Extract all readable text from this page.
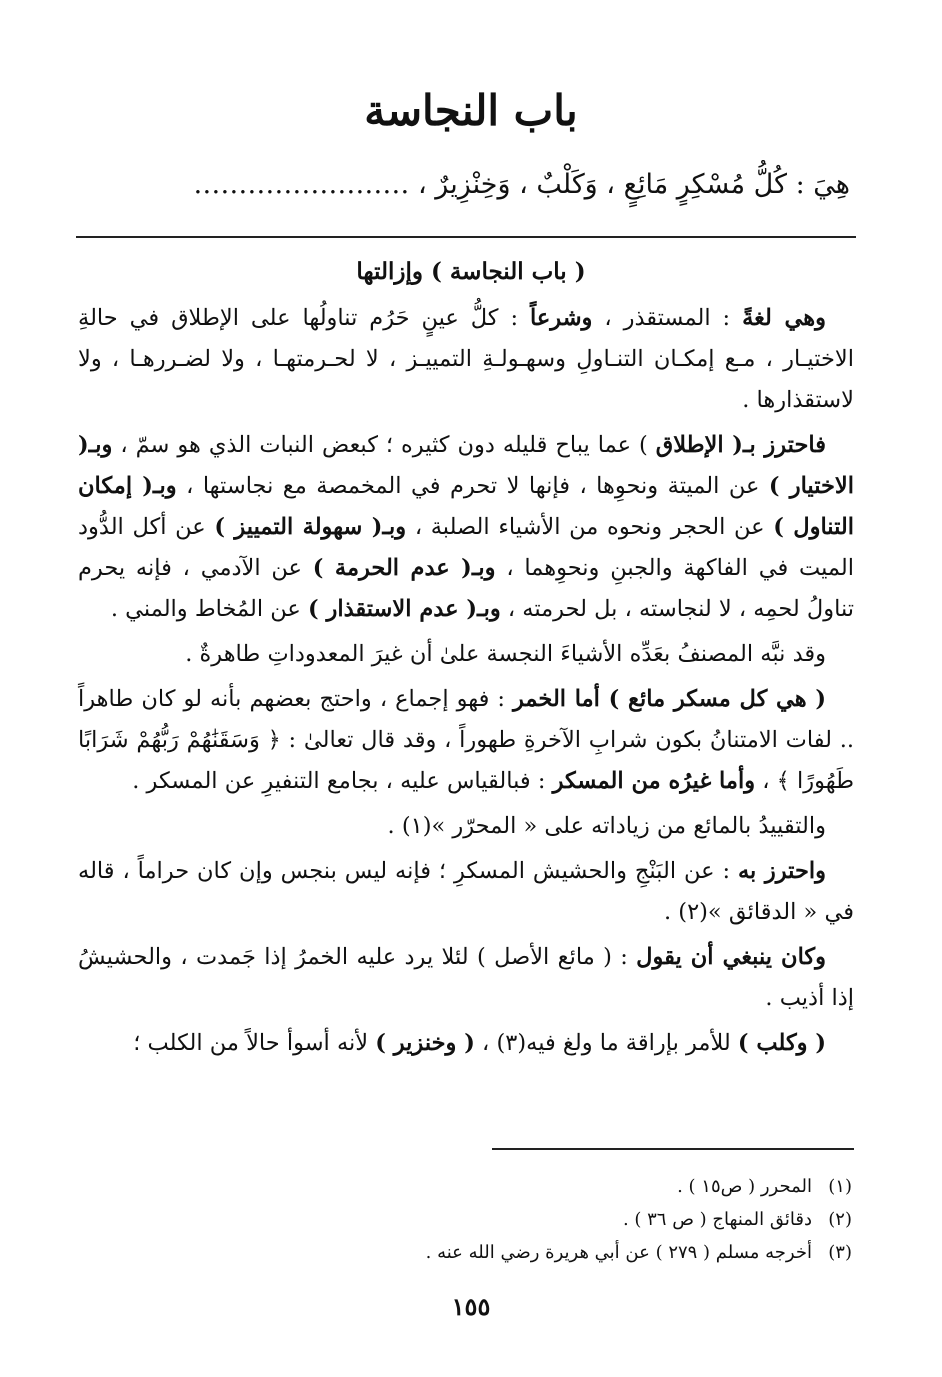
باب النجاسة
هِيَ : كُلُّ مُسْكِرٍ مَائِعٍ ، وَكَلْبٌ ، وَخِنْزِيرٌ ، ……………………
( باب النجاسة ) وإزالتها

وهي لغةً : المستقذر ، وشرعاً : كلُّ عينٍ حَرُم تناولُها على الإطلاق في حالةِ الاختيـار ، مـع إمكـان التنـاولِ وسهـولـةِ التمييـز ، لا لحـرمتهـا ، ولا لضـررهـا ، ولا لاستقذارها .

فاحترز بـ( الإطلاق ) عما يباح قليله دون كثيره ؛ كبعض النبات الذي هو سمّ ، وبـ( الاختيار ) عن الميتة ونحوِها ، فإنها لا تحرم في المخمصة مع نجاستها ، وبـ( إمكان التناول ) عن الحجر ونحوه من الأشياء الصلبة ، وبـ( سهولة التمييز ) عن أكل الدُّود الميت في الفاكهة والجبنِ ونحوِهما ، وبـ( عدم الحرمة ) عن الآدمي ، فإنه يحرم تناولُ لحمِه ، لا لنجاسته ، بل لحرمته ، وبـ( عدم الاستقذار ) عن المُخاط والمني .

وقد نبَّه المصنفُ بعَدِّه الأشياءَ النجسة علىٰ أن غيرَ المعدوداتِ طاهرةٌ .

( هي كل مسكر مائع ) أما الخمر : فهو إجماع ، واحتج بعضهم بأنه لو كان طاهراً .. لفات الامتنانُ بكون شرابِ الآخرةِ طهوراً ، وقد قال تعالىٰ : ﴿ وَسَقَنَٰهُمْ رَبُّهُمْ شَرَابًا طَهُورًا ﴾ ، وأما غيرُه من المسكر : فبالقياس عليه ، بجامع التنفيرِ عن المسكر .

والتقييدُ بالمائع من زياداته على « المحرّر »(١) .

واحترز به : عن البَنْجِ والحشيش المسكرِ ؛ فإنه ليس بنجس وإن كان حراماً ، قاله في « الدقائق »(٢) .

وكان ينبغي أن يقول : ( مائع الأصل ) لئلا يرد عليه الخمرُ إذا جَمدت ، والحشيشُ إذا أذيب .

( وكلب ) للأمر بإراقة ما ولغ فيه(٣) ، ( وخنزير ) لأنه أسوأ حالاً من الكلب ؛

(١)المحرر ( ص١٥ ) .
(٢)دقائق المنهاج ( ص ٣٦ ) .
(٣)أخرجه مسلم ( ٢٧٩ ) عن أبي هريرة رضي الله عنه .
١٥٥
